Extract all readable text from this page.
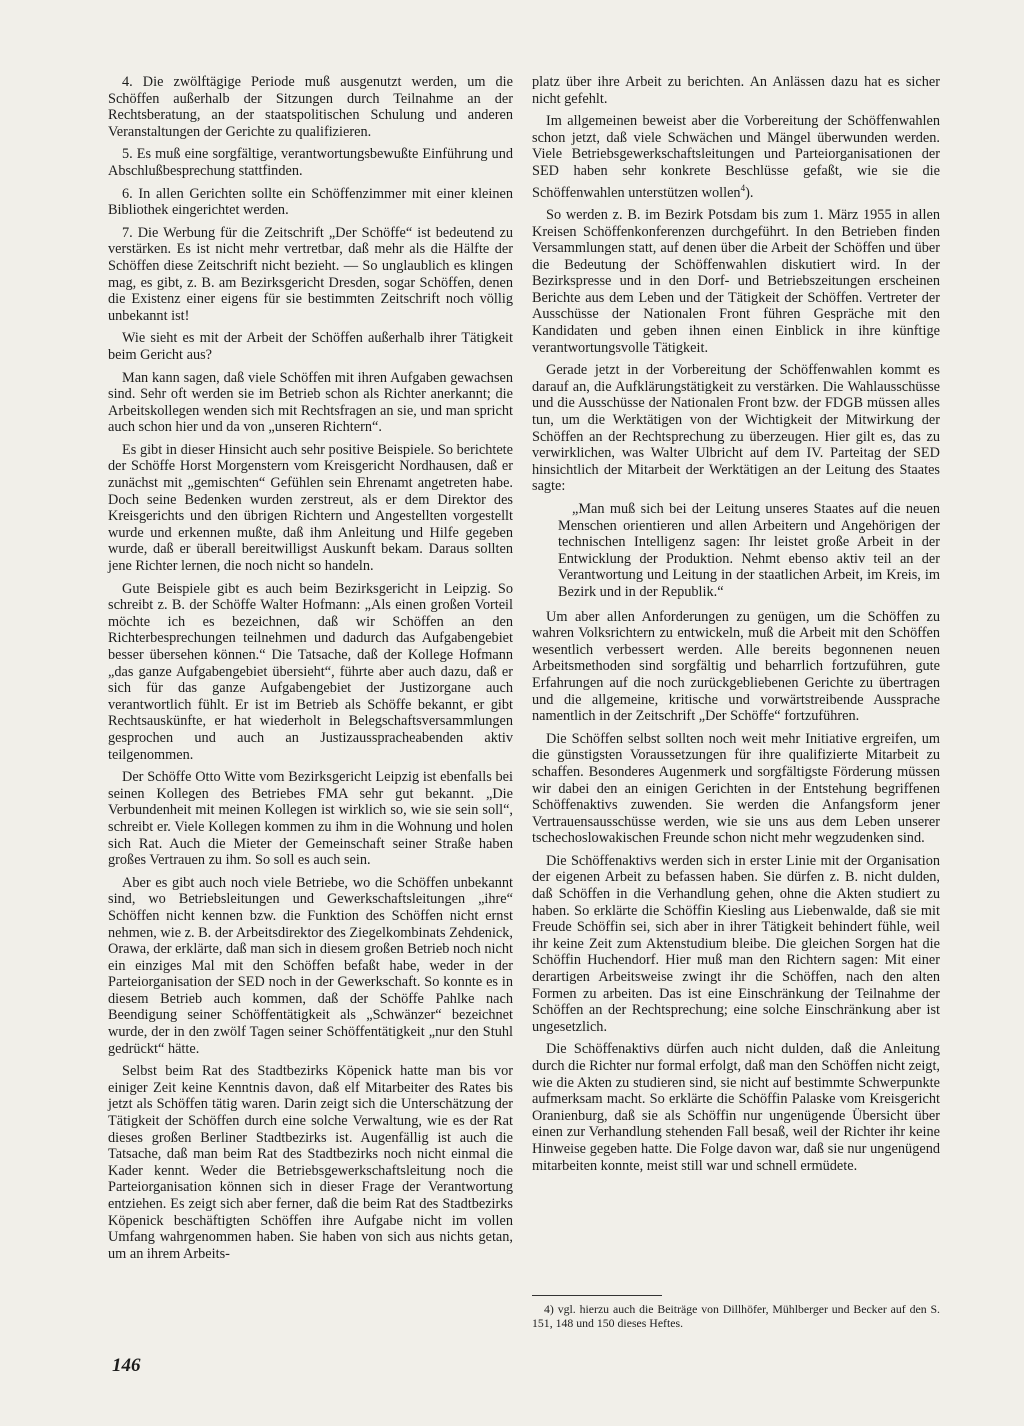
4. Die zwölftägige Periode muß ausgenutzt werden, um die Schöffen außerhalb der Sitzungen durch Teilnahme an der Rechtsberatung, an der staatspolitischen Schulung und anderen Veranstaltungen der Gerichte zu qualifizieren.

5. Es muß eine sorgfältige, verantwortungsbewußte Einführung und Abschlußbesprechung stattfinden.

6. In allen Gerichten sollte ein Schöffenzimmer mit einer kleinen Bibliothek eingerichtet werden.

7. Die Werbung für die Zeitschrift „Der Schöffe“ ist bedeutend zu verstärken. Es ist nicht mehr vertretbar, daß mehr als die Hälfte der Schöffen diese Zeitschrift nicht bezieht. — So unglaublich es klingen mag, es gibt, z. B. am Bezirksgericht Dresden, sogar Schöffen, denen die Existenz einer eigens für sie bestimmten Zeitschrift noch völlig unbekannt ist!

Wie sieht es mit der Arbeit der Schöffen außerhalb ihrer Tätigkeit beim Gericht aus?

Man kann sagen, daß viele Schöffen mit ihren Aufgaben gewachsen sind. Sehr oft werden sie im Betrieb schon als Richter anerkannt; die Arbeitskollegen wenden sich mit Rechtsfragen an sie, und man spricht auch schon hier und da von „unseren Richtern“.

Es gibt in dieser Hinsicht auch sehr positive Beispiele. So berichtete der Schöffe Horst Morgenstern vom Kreisgericht Nordhausen, daß er zunächst mit „gemischten“ Gefühlen sein Ehrenamt angetreten habe. Doch seine Bedenken wurden zerstreut, als er dem Direktor des Kreisgerichts und den übrigen Richtern und Angestellten vorgestellt wurde und erkennen mußte, daß ihm Anleitung und Hilfe gegeben wurde, daß er überall bereitwilligst Auskunft bekam. Daraus sollten jene Richter lernen, die noch nicht so handeln.

Gute Beispiele gibt es auch beim Bezirksgericht in Leipzig. So schreibt z. B. der Schöffe Walter Hofmann: „Als einen großen Vorteil möchte ich es bezeichnen, daß wir Schöffen an den Richterbesprechungen teilnehmen und dadurch das Aufgabengebiet besser übersehen können.“ Die Tatsache, daß der Kollege Hofmann „das ganze Aufgabengebiet übersieht“, führte aber auch dazu, daß er sich für das ganze Aufgabengebiet der Justizorgane auch verantwortlich fühlt. Er ist im Betrieb als Schöffe bekannt, er gibt Rechtsauskünfte, er hat wiederholt in Belegschaftsversammlungen gesprochen und auch an Justizausspracheabenden aktiv teilgenommen.

Der Schöffe Otto Witte vom Bezirksgericht Leipzig ist ebenfalls bei seinen Kollegen des Betriebes FMA sehr gut bekannt. „Die Verbundenheit mit meinen Kollegen ist wirklich so, wie sie sein soll“, schreibt er. Viele Kollegen kommen zu ihm in die Wohnung und holen sich Rat. Auch die Mieter der Gemeinschaft seiner Straße haben großes Vertrauen zu ihm. So soll es auch sein.

Aber es gibt auch noch viele Betriebe, wo die Schöffen unbekannt sind, wo Betriebsleitungen und Gewerkschaftsleitungen „ihre“ Schöffen nicht kennen bzw. die Funktion des Schöffen nicht ernst nehmen, wie z. B. der Arbeitsdirektor des Ziegelkombinats Zehdenick, Orawa, der erklärte, daß man sich in diesem großen Betrieb noch nicht ein einziges Mal mit den Schöffen befaßt habe, weder in der Parteiorganisation der SED noch in der Gewerkschaft. So konnte es in diesem Betrieb auch kommen, daß der Schöffe Pahlke nach Beendigung seiner Schöffentätigkeit als „Schwänzer“ bezeichnet wurde, der in den zwölf Tagen seiner Schöffentätigkeit „nur den Stuhl gedrückt“ hätte.

Selbst beim Rat des Stadtbezirks Köpenick hatte man bis vor einiger Zeit keine Kenntnis davon, daß elf Mitarbeiter des Rates bis jetzt als Schöffen tätig waren. Darin zeigt sich die Unterschätzung der Tätigkeit der Schöffen durch eine solche Verwaltung, wie es der Rat dieses großen Berliner Stadtbezirks ist. Augenfällig ist auch die Tatsache, daß man beim Rat des Stadtbezirks noch nicht einmal die Kader kennt. Weder die Betriebsgewerkschaftsleitung noch die Parteiorganisation können sich in dieser Frage der Verantwortung entziehen. Es zeigt sich aber ferner, daß die beim Rat des Stadtbezirks Köpenick beschäftigten Schöffen ihre Aufgabe nicht im vollen Umfang wahrgenommen haben. Sie haben von sich aus nichts getan, um an ihrem Arbeits-

platz über ihre Arbeit zu berichten. An Anlässen dazu hat es sicher nicht gefehlt.

Im allgemeinen beweist aber die Vorbereitung der Schöffenwahlen schon jetzt, daß viele Schwächen und Mängel überwunden werden. Viele Betriebsgewerkschaftsleitungen und Parteiorganisationen der SED haben sehr konkrete Beschlüsse gefaßt, wie sie die Schöffenwahlen unterstützen wollen$^4$).

So werden z. B. im Bezirk Potsdam bis zum 1. März 1955 in allen Kreisen Schöffenkonferenzen durchgeführt. In den Betrieben finden Versammlungen statt, auf denen über die Arbeit der Schöffen und über die Bedeutung der Schöffenwahlen diskutiert wird. In der Bezirkspresse und in den Dorf- und Betriebszeitungen erscheinen Berichte aus dem Leben und der Tätigkeit der Schöffen. Vertreter der Ausschüsse der Nationalen Front führen Gespräche mit den Kandidaten und geben ihnen einen Einblick in ihre künftige verantwortungsvolle Tätigkeit.

Gerade jetzt in der Vorbereitung der Schöffenwahlen kommt es darauf an, die Aufklärungstätigkeit zu verstärken. Die Wahlausschüsse und die Ausschüsse der Nationalen Front bzw. der FDGB müssen alles tun, um die Werktätigen von der Wichtigkeit der Mitwirkung der Schöffen an der Rechtsprechung zu überzeugen. Hier gilt es, das zu verwirklichen, was Walter Ulbricht auf dem IV. Parteitag der SED hinsichtlich der Mitarbeit der Werktätigen an der Leitung des Staates sagte:

„Man muß sich bei der Leitung unseres Staates auf die neuen Menschen orientieren und allen Arbeitern und Angehörigen der technischen Intelligenz sagen: Ihr leistet große Arbeit in der Entwicklung der Produktion. Nehmt ebenso aktiv teil an der Verantwortung und Leitung in der staatlichen Arbeit, im Kreis, im Bezirk und in der Republik.“

Um aber allen Anforderungen zu genügen, um die Schöffen zu wahren Volksrichtern zu entwickeln, muß die Arbeit mit den Schöffen wesentlich verbessert werden. Alle bereits begonnenen neuen Arbeitsmethoden sind sorgfältig und beharrlich fortzuführen, gute Erfahrungen auf die noch zurückgebliebenen Gerichte zu übertragen und die allgemeine, kritische und vorwärtstreibende Aussprache namentlich in der Zeitschrift „Der Schöffe“ fortzuführen.

Die Schöffen selbst sollten noch weit mehr Initiative ergreifen, um die günstigsten Voraussetzungen für ihre qualifizierte Mitarbeit zu schaffen. Besonderes Augenmerk und sorgfältigste Förderung müssen wir dabei den an einigen Gerichten in der Entstehung begriffenen Schöffenaktivs zuwenden. Sie werden die Anfangsform jener Vertrauensausschüsse werden, wie sie uns aus dem Leben unserer tschechoslowakischen Freunde schon nicht mehr wegzudenken sind.

Die Schöffenaktivs werden sich in erster Linie mit der Organisation der eigenen Arbeit zu befassen haben. Sie dürfen z. B. nicht dulden, daß Schöffen in die Verhandlung gehen, ohne die Akten studiert zu haben. So erklärte die Schöffin Kiesling aus Liebenwalde, daß sie mit Freude Schöffin sei, sich aber in ihrer Tätigkeit behindert fühle, weil ihr keine Zeit zum Aktenstudium bleibe. Die gleichen Sorgen hat die Schöffin Huchendorf. Hier muß man den Richtern sagen: Mit einer derartigen Arbeitsweise zwingt ihr die Schöffen, nach den alten Formen zu arbeiten. Das ist eine Einschränkung der Teilnahme der Schöffen an der Rechtsprechung; eine solche Einschränkung aber ist ungesetzlich.

Die Schöffenaktivs dürfen auch nicht dulden, daß die Anleitung durch die Richter nur formal erfolgt, daß man den Schöffen nicht zeigt, wie die Akten zu studieren sind, sie nicht auf bestimmte Schwerpunkte aufmerksam macht. So erklärte die Schöffin Palaske vom Kreisgericht Oranienburg, daß sie als Schöffin nur ungenügende Übersicht über einen zur Verhandlung stehenden Fall besaß, weil der Richter ihr keine Hinweise gegeben hatte. Die Folge davon war, daß sie nur ungenügend mitarbeiten konnte, meist still war und schnell ermüdete.

4) vgl. hierzu auch die Beiträge von Dillhöfer, Mühlberger und Becker auf den S. 151, 148 und 150 dieses Heftes.

146
